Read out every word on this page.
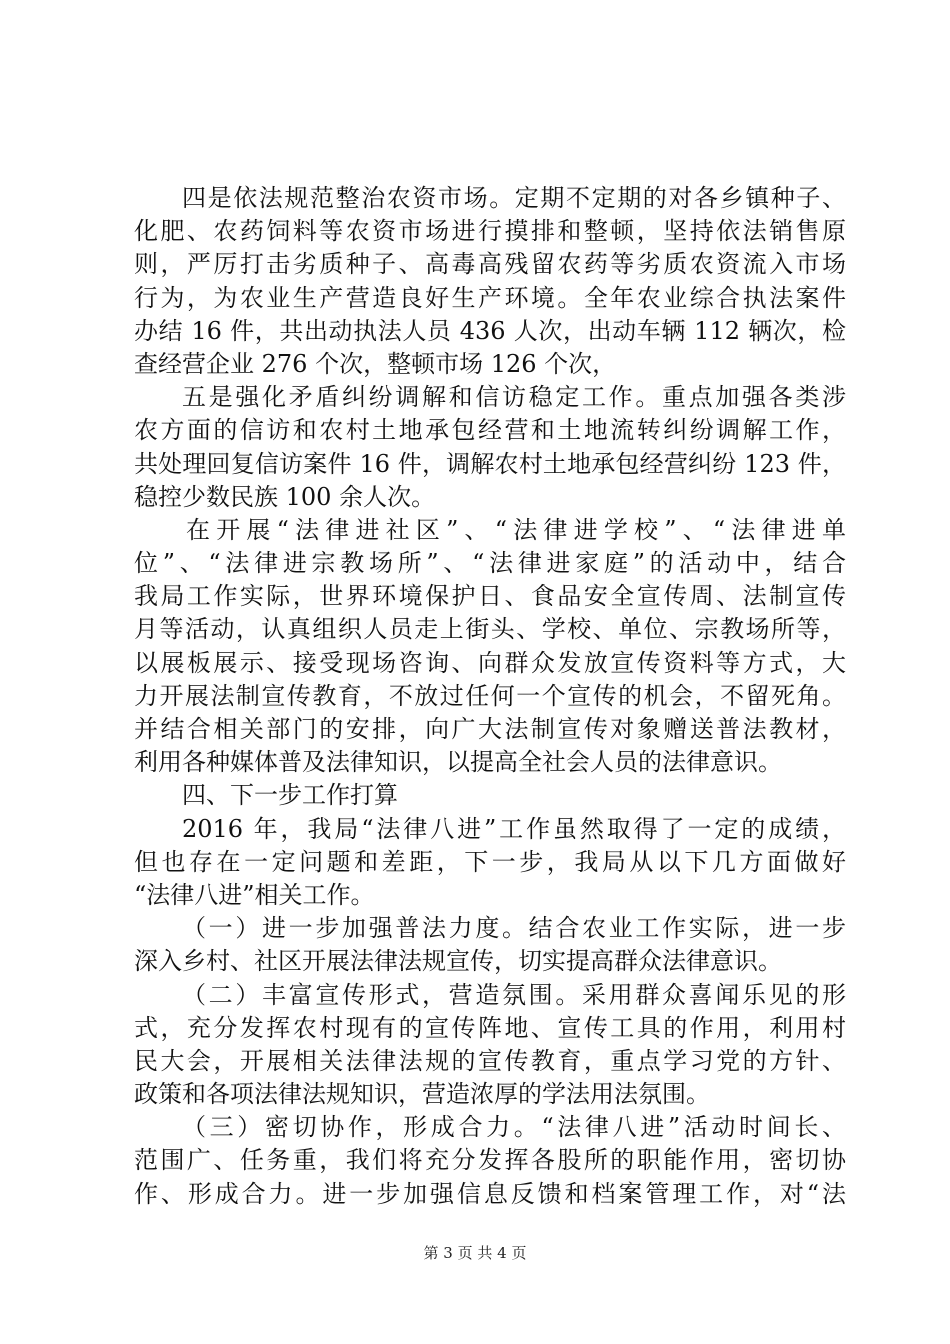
四是依法规范整治农资市场。定期不定期的对各乡镇种子、
化肥、农药饲料等农资市场进行摸排和整顿，坚持依法销售原
则，严厉打击劣质种子、高毒高残留农药等劣质农资流入市场
行为，为农业生产营造良好生产环境。全年农业综合执法案件
办结 16 件，共出动执法人员 436 人次，出动车辆 112 辆次，检
查经营企业 276 个次，整顿市场 126 个次，
五是强化矛盾纠纷调解和信访稳定工作。重点加强各类涉
农方面的信访和农村土地承包经营和土地流转纠纷调解工作，
共处理回复信访案件 16 件，调解农村土地承包经营纠纷 123 件，
稳控少数民族 100 余人次。
在开展“法律进社区”、“法律进学校”、“法律进单
位”、“法律进宗教场所”、“法律进家庭”的活动中，结合
我局工作实际，世界环境保护日、食品安全宣传周、法制宣传
月等活动，认真组织人员走上街头、学校、单位、宗教场所等，
以展板展示、接受现场咨询、向群众发放宣传资料等方式，大
力开展法制宣传教育，不放过任何一个宣传的机会，不留死角。
并结合相关部门的安排，向广大法制宣传对象赠送普法教材，
利用各种媒体普及法律知识，以提高全社会人员的法律意识。
四、下一步工作打算
2016 年，我局“法律八进”工作虽然取得了一定的成绩，
但也存在一定问题和差距，下一步，我局从以下几方面做好
“法律八进”相关工作。
（一）进一步加强普法力度。结合农业工作实际，进一步
深入乡村、社区开展法律法规宣传，切实提高群众法律意识。
（二）丰富宣传形式，营造氛围。采用群众喜闻乐见的形
式，充分发挥农村现有的宣传阵地、宣传工具的作用，利用村
民大会，开展相关法律法规的宣传教育，重点学习党的方针、
政策和各项法律法规知识，营造浓厚的学法用法氛围。
（三）密切协作，形成合力。“法律八进”活动时间长、
范围广、任务重，我们将充分发挥各股所的职能作用，密切协
作、形成合力。进一步加强信息反馈和档案管理工作，对“法
第 3 页 共 4 页
